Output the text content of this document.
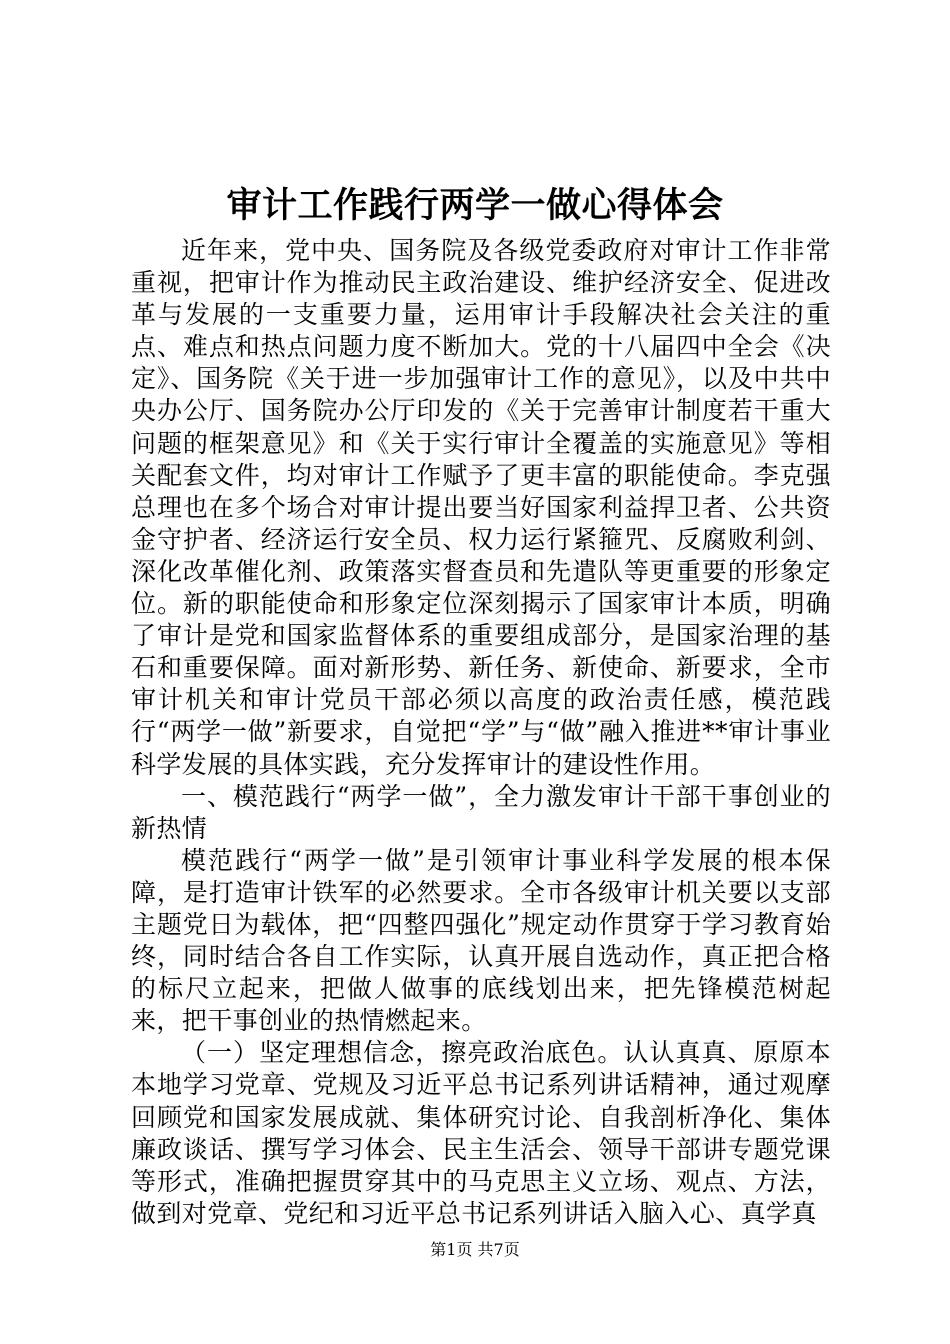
审计工作践行两学一做心得体会

近年来，党中央、国务院及各级党委政府对审计工作非常重视，把审计作为推动民主政治建设、维护经济安全、促进改革与发展的一支重要力量，运用审计手段解决社会关注的重点、难点和热点问题力度不断加大。党的十八届四中全会《决定》、国务院《关于进一步加强审计工作的意见》，以及中共中央办公厅、国务院办公厅印发的《关于完善审计制度若干重大问题的框架意见》和《关于实行审计全覆盖的实施意见》等相关配套文件，均对审计工作赋予了更丰富的职能使命。李克强总理也在多个场合对审计提出要当好国家利益捍卫者、公共资金守护者、经济运行安全员、权力运行紧箍咒、反腐败利剑、深化改革催化剂、政策落实督查员和先遣队等更重要的形象定位。新的职能使命和形象定位深刻揭示了国家审计本质，明确了审计是党和国家监督体系的重要组成部分，是国家治理的基石和重要保障。面对新形势、新任务、新使命、新要求，全市审计机关和审计党员干部必须以高度的政治责任感，模范践行“两学一做”新要求，自觉把“学”与“做”融入推进**审计事业科学发展的具体实践，充分发挥审计的建设性作用。

一、模范践行“两学一做”，全力激发审计干部干事创业的新热情

模范践行“两学一做”是引领审计事业科学发展的根本保障，是打造审计铁军的必然要求。全市各级审计机关要以支部主题党日为载体，把“四整四强化”规定动作贯穿于学习教育始终，同时结合各自工作实际，认真开展自选动作，真正把合格的标尺立起来，把做人做事的底线划出来，把先锋模范树起来，把干事创业的热情燃起来。

（一）坚定理想信念，擦亮政治底色。认认真真、原原本本地学习党章、党规及习近平总书记系列讲话精神，通过观摩回顾党和国家发展成就、集体研究讨论、自我剖析净化、集体廉政谈话、撰写学习体会、民主生活会、领导干部讲专题党课等形式，准确把握贯穿其中的马克思主义立场、观点、方法，做到对党章、党纪和习近平总书记系列讲话入脑入心、真学真

第1页 共7页
